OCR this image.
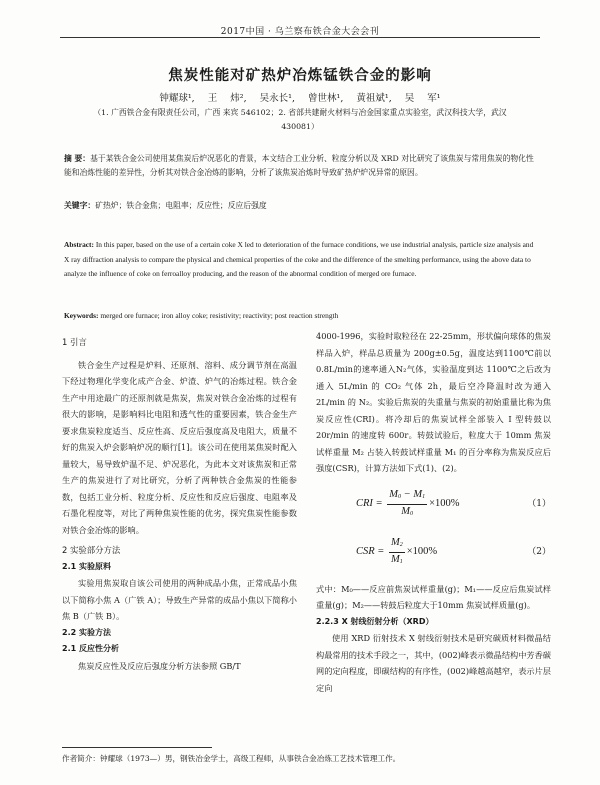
2017中国 · 乌兰察布铁合金大会会刊
焦炭性能对矿热炉冶炼锰铁合金的影响
钟耀球¹, 王 炜², 吴永长¹, 曾世林¹, 黄祖斌¹, 吴 军¹
（1. 广西铁合金有限责任公司，广西 来宾 546102；2. 省部共建耐火材料与冶金国家重点实验室，武汉科技大学，武汉 430081）
摘 要：基于某铁合金公司使用某焦炭后炉况恶化的背景，本文结合工业分析、粒度分析以及 XRD 对比研究了该焦炭与常用焦炭的物化性能和冶炼性能的差异性，分析其对铁合金冶炼的影响，分析了该焦炭冶炼时导致矿热炉炉况异常的原因。
关键字：矿热炉；铁合金焦；电阻率；反应性；反应后强度
Abstract: In this paper, based on the use of a certain coke X led to deterioration of the furnace conditions, we use industrial analysis, particle size analysis and X ray diffraction analysis to compare the physical and chemical properties of the coke and the difference of the smelting performance, using the above data to analyze the influence of coke on ferroalloy producing, and the reason of the abnormal condition of merged ore furnace.
Keywords: merged ore furnace; iron alloy coke; resistivity; reactivity; post reaction strength
1 引言

铁合金生产过程是炉料、还原剂、溶料、成分调节剂在高温下经过物理化学变化成产合金、炉渣、炉气的冶炼过程。铁合金生产中用途最广的还原剂就是焦炭，焦炭对铁合金冶炼的过程有很大的影响，是影响料比电阻和透气性的重要因素，铁合金生产要求焦炭粒度适当、反应性高、反应后强度高及电阻大，质量不好的焦炭入炉会影响炉况的顺行[1]。该公司在使用某焦炭时配入量较大，易导致炉温不足、炉况恶化，为此本文对该焦炭和正常生产的焦炭进行了对比研究，分析了两种铁合金焦炭的性能参数，包括工业分析、粒度分析、反应性和反应后强度、电阻率及石墨化程度等，对比了两种焦炭性能的优劣，探究焦炭性能参数对铁合金冶炼的影响。

2 实验部分方法
2.1 实验原料

实验用焦炭取自该公司使用的两种成品小焦，正常成品小焦以下简称小焦 A（广铁 A）；导致生产异常的成品小焦以下简称小焦 B（广铁 B）。

2.2 实验方法
2.1 反应性分析

焦炭反应性及反应后强度分析方法参照 GB/T

4000-1996，实验时取粒径在 22-25mm，形状偏向球体的焦炭样品入炉，样品总质量为 200g±0.5g，温度达到1100℃前以0.8L/min的速率通入N₂气体，实验温度到达 1100℃之后改为通入 5L/min 的 CO₂ 气体 2h，最后空冷降温时改为通入 2L/min 的 N₂。实验后焦炭的失重量与焦炭的初始重量比称为焦炭反应性(CRI)。将冷却后的焦炭试样全部装入 I 型转鼓以 20r/min 的速度转 600r。转鼓试验后，粒度大于 10mm 焦炭试样重量 M₂ 占装入转鼓试样重量 M₁ 的百分率称为焦炭反应后强度(CSR)，计算方法如下式(1)、(2)。

CRI = $\frac{M0 - M1}{M0} \times 100\%$	（1）
CSR = $\frac{M2}{M1} \times 100\%$	（2）

式中：M₀——反应前焦炭试样重量(g)；M₁——反应后焦炭试样重量(g)；M₂——转鼓后粒度大于10mm 焦炭试样质量(g)。

2.2.3 X 射线衍射分析（XRD）

使用 XRD 衍射技术 X 射线衍射技术是研究碳质材料微晶结构最常用的技术手段之一，其中，(002)峰表示微晶结构中芳香碳网的定向程度，即碳结构的有序性，(002)峰越高越窄，表示片层定向

作者简介：钟耀球（1973—）男，钢铁冶金学士，高级工程师，从事铁合金冶炼工艺技术管理工作。
